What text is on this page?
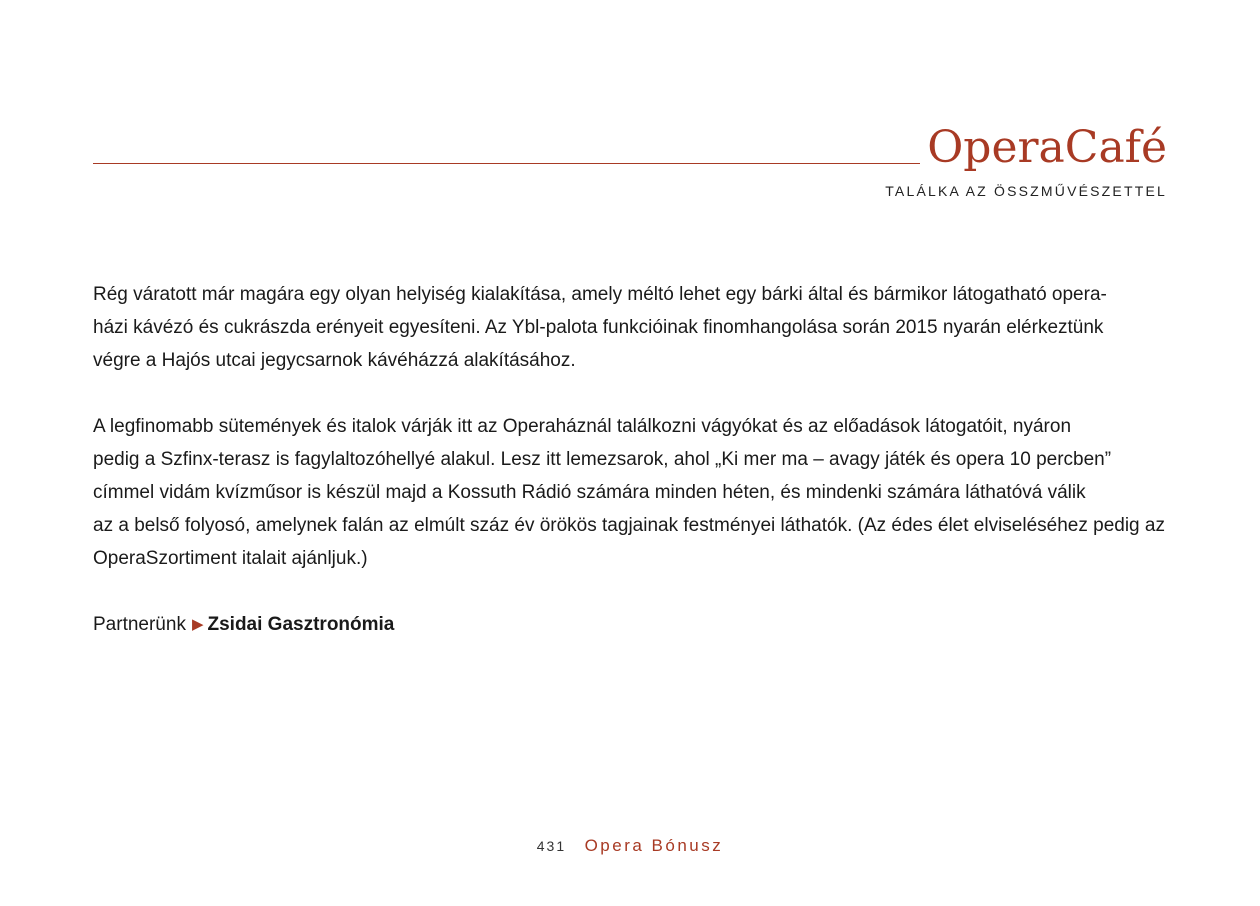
OperaCafé
TALÁLKA AZ ÖSSZMŰVÉSZETTEL
Rég váratott már magára egy olyan helyiség kialakítása, amely méltó lehet egy bárki által és bármikor látogatható opera-
házi kávézó és cukrászda erényeit egyesíteni. Az Ybl-palota funkcióinak finomhangolása során 2015 nyarán elérkeztünk
végre a Hajós utcai jegycsarnok kávéházzá alakításához.
A legfinomabb sütemények és italok várják itt az Operaháznál találkozni vágyókat és az előadások látogatóit, nyáron
pedig a Szfinx-terasz is fagylaltozóhellyé alakul. Lesz itt lemezsarok, ahol „Ki mer ma – avagy játék és opera 10 percben”
címmel vidám kvízműsor is készül majd a Kossuth Rádió számára minden héten, és mindenki számára láthatóvá válik
az a belső folyosó, amelynek falán az elmúlt száz év örökös tagjainak festményei láthatók. (Az édes élet elviseléséhez pedig az
OperaSzortiment italait ajánljuk.)
Partnerünk ▶ Zsidai Gasztronómia
431 Opera Bónusz
